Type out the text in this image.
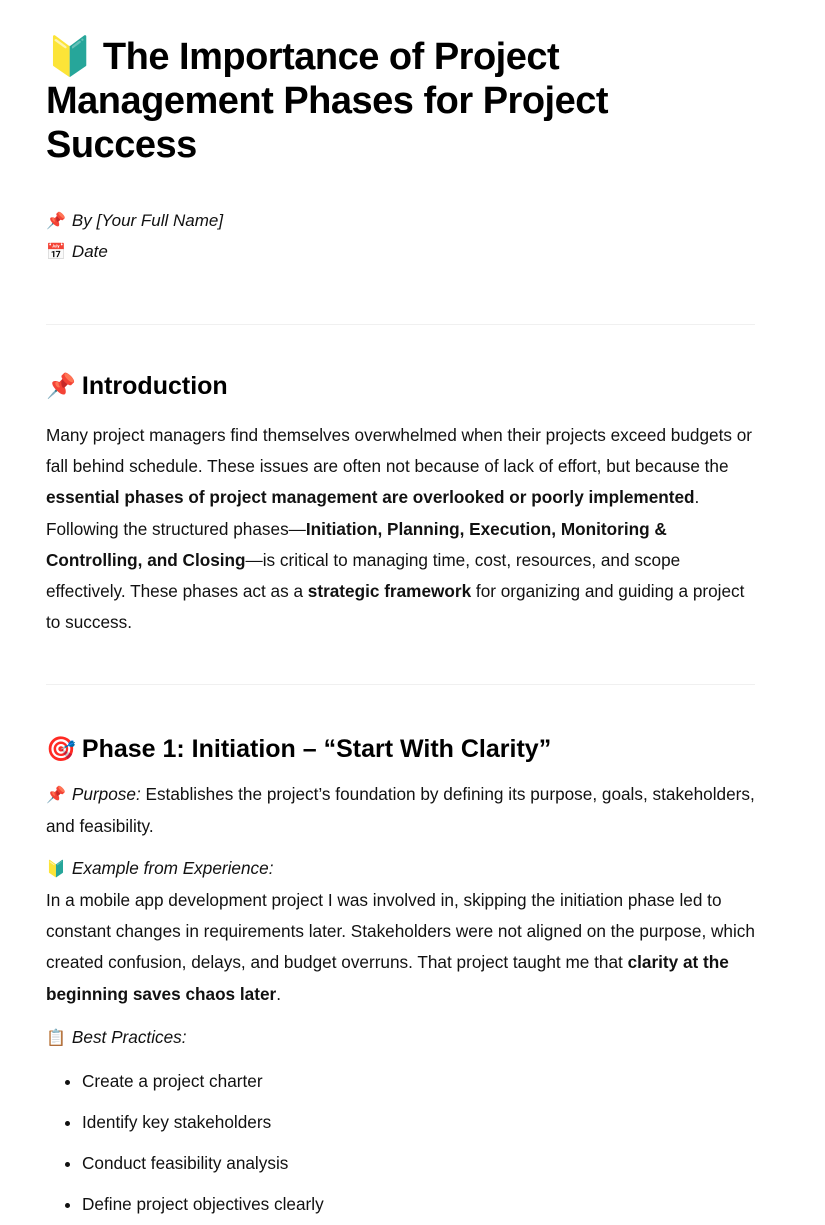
🔰 The Importance of Project Management Phases for Project Success
📌 By [Your Full Name]
📅 Date
📌 Introduction

Many project managers find themselves overwhelmed when their projects exceed budgets or fall behind schedule. These issues are often not because of lack of effort, but because the essential phases of project management are overlooked or poorly implemented. Following the structured phases—Initiation, Planning, Execution, Monitoring & Controlling, and Closing—is critical to managing time, cost, resources, and scope effectively. These phases act as a strategic framework for organizing and guiding a project to success.

🎯 Phase 1: Initiation – “Start With Clarity”
📌 Purpose: Establishes the project’s foundation by defining its purpose, goals, stakeholders, and feasibility.
🔰 Example from Experience:

In a mobile app development project I was involved in, skipping the initiation phase led to constant changes in requirements later. Stakeholders were not aligned on the purpose, which created confusion, delays, and budget overruns. That project taught me that clarity at the beginning saves chaos later.

📋 Best Practices:
• Create a project charter
• Identify key stakeholders
• Conduct feasibility analysis
• Define project objectives clearly
